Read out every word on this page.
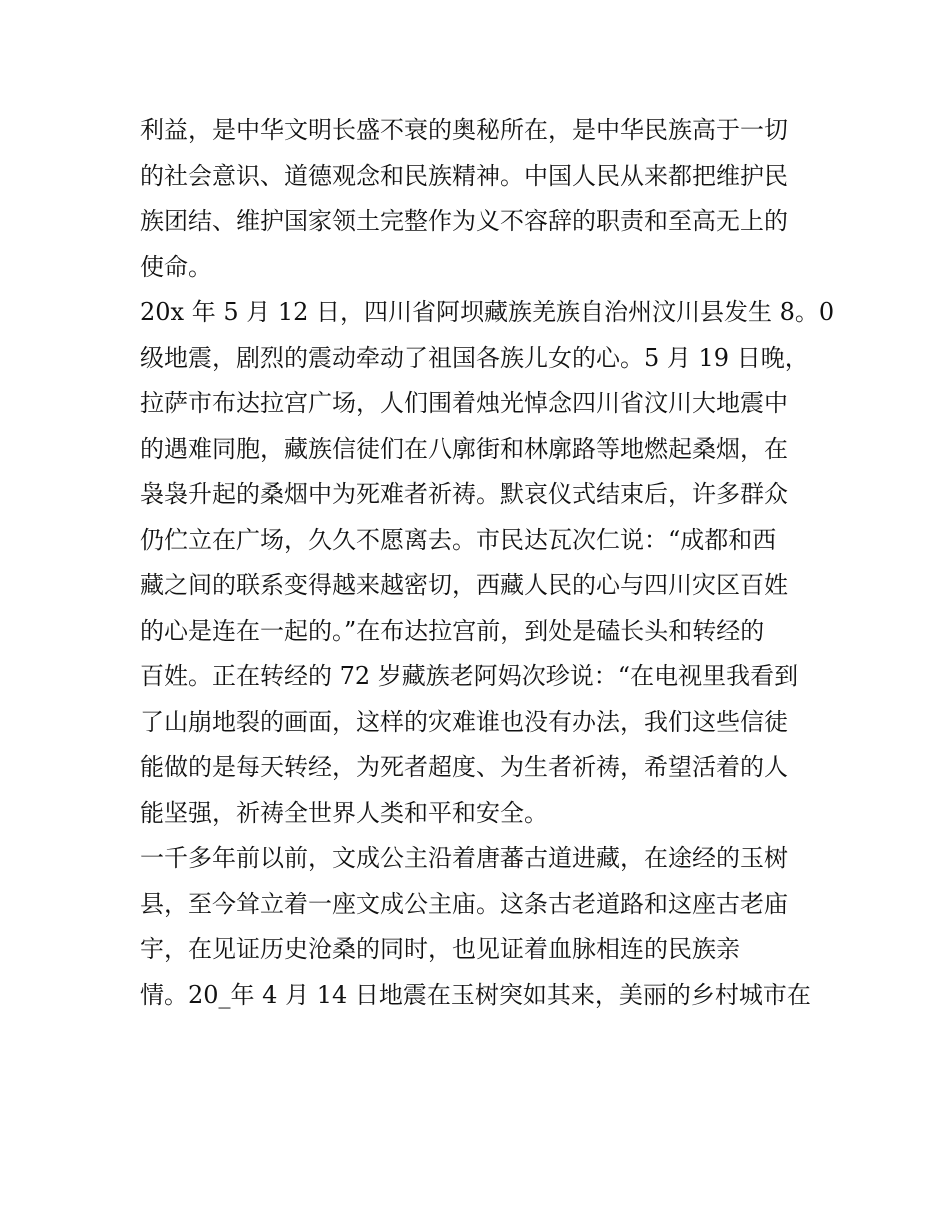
利益，是中华文明长盛不衰的奥秘所在，是中华民族高于一切
的社会意识、道德观念和民族精神。中国人民从来都把维护民
族团结、维护国家领土完整作为义不容辞的职责和至高无上的
使命。
20x 年 5 月 12 日，四川省阿坝藏族羌族自治州汶川县发生 8。0
级地震，剧烈的震动牵动了祖国各族儿女的心。5 月 19 日晚，
拉萨市布达拉宫广场，人们围着烛光悼念四川省汶川大地震中
的遇难同胞，藏族信徒们在八廓街和林廓路等地燃起桑烟，在
袅袅升起的桑烟中为死难者祈祷。默哀仪式结束后，许多群众
仍伫立在广场，久久不愿离去。市民达瓦次仁说：“成都和西
藏之间的联系变得越来越密切，西藏人民的心与四川灾区百姓
的心是连在一起的。”在布达拉宫前，到处是磕长头和转经的
百姓。正在转经的 72 岁藏族老阿妈次珍说：“在电视里我看到
了山崩地裂的画面，这样的灾难谁也没有办法，我们这些信徒
能做的是每天转经，为死者超度、为生者祈祷，希望活着的人
能坚强，祈祷全世界人类和平和安全。
一千多年前以前，文成公主沿着唐蕃古道进藏，在途经的玉树
县，至今耸立着一座文成公主庙。这条古老道路和这座古老庙
宇，在见证历史沧桑的同时，也见证着血脉相连的民族亲
情。20_年 4 月 14 日地震在玉树突如其来，美丽的乡村城市在
